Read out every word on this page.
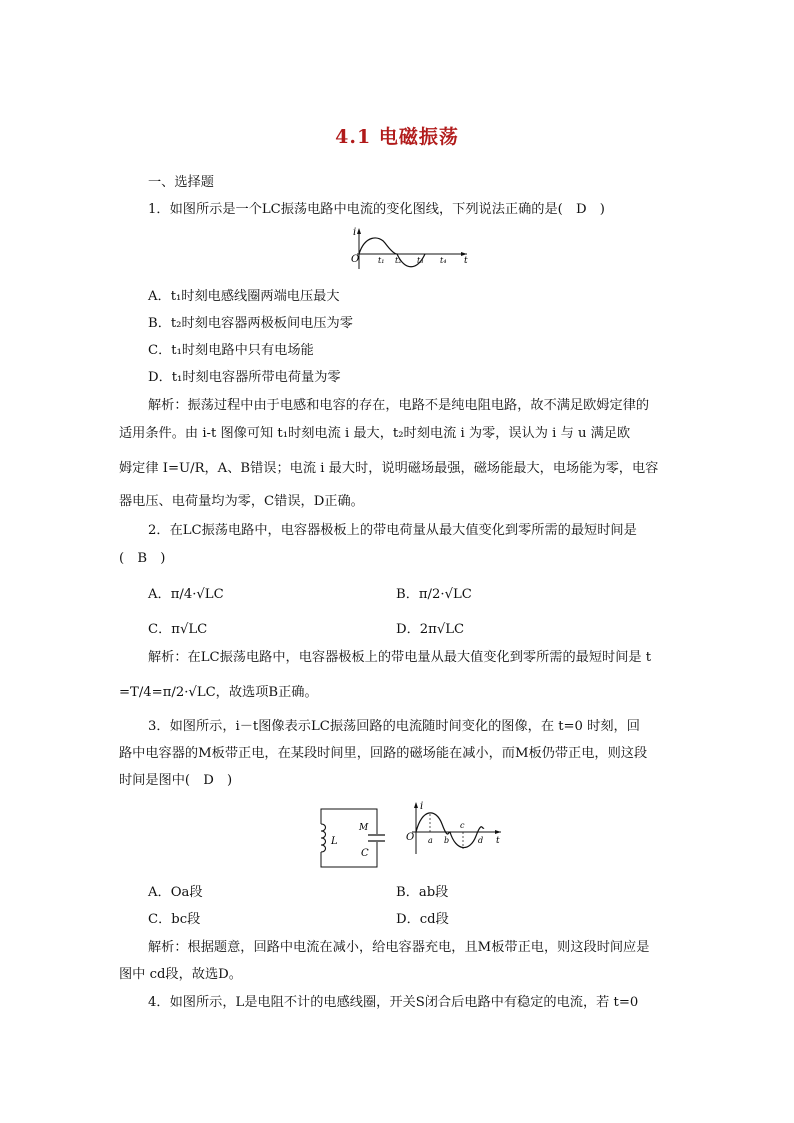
4.1 电磁振荡
一、选择题
1．如图所示是一个LC振荡电路中电流的变化图线，下列说法正确的是(　D　)
i
O t₁ t₂ t₃ t₄ t
A．t₁时刻电感线圈两端电压最大
B．t₂时刻电容器两极板间电压为零
C．t₁时刻电路中只有电场能
D．t₁时刻电容器所带电荷量为零
解析：振荡过程中由于电感和电容的存在，电路不是纯电阻电路，故不满足欧姆定律的
适用条件。由 i-t 图像可知 t₁时刻电流 i 最大，t₂时刻电流 i 为零，误认为 i 与 u 满足欧
姆定律 I=U/R，A、B错误；电流 i 最大时，说明磁场最强，磁场能最大，电场能为零，电容
器电压、电荷量均为零，C错误，D正确。
2．在LC振荡电路中，电容器极板上的带电荷量从最大值变化到零所需的最短时间是
(　B　)
A．π/4·√LC	B．π/2·√LC
C．π√LC	D．2π√LC
解析：在LC振荡电路中，电容器极板上的带电量从最大值变化到零所需的最短时间是 t
=T/4=π/2·√LC，故选项B正确。
3．如图所示，i－t图像表示LC振荡回路的电流随时间变化的图像，在 t=0 时刻，回
路中电容器的M板带正电，在某段时间里，回路的磁场能在减小，而M板仍带正电，则这段
时间是图中(　D　)
L
M
C
i
O a b
c
d t
A．Oa段	B．ab段
C．bc段	D．cd段
解析：根据题意，回路中电流在减小，给电容器充电，且M板带正电，则这段时间应是
图中 cd段，故选D。
4．如图所示，L是电阻不计的电感线圈，开关S闭合后电路中有稳定的电流，若 t=0
